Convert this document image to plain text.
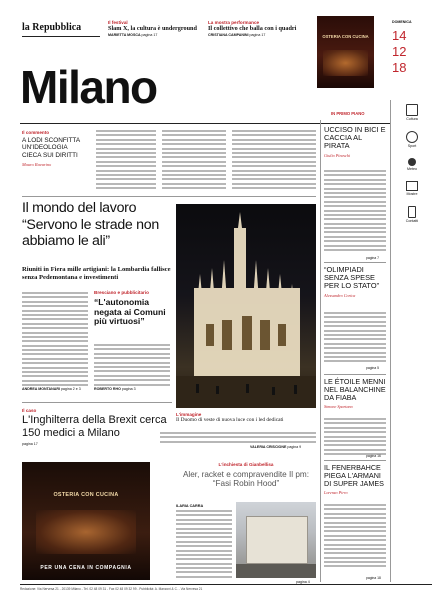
la Repubblica	Il festival
Slam X, la cultura è underground
MARIETTA MOSCA pagina 17
La mostra performance
Il collettivo che balla con i quadri
CRISTIANA CAMPANINI pagina 17	OSTERIA CON CUCINA
DOMENICA
14
12
18
Milano
IN PRIMO PIANO
Il commento
A LODI SCONFITTA UN'IDEOLOGIA CIECA SUI DIRITTI
Mauro Ravarino
Il mondo del lavoro “Servono le strade non abbiamo le ali”
Riuniti in Fiera mille artigiani: la Lombardia fallisce senza Pedemontana e investimenti
ANDREA MONTANARI pagina 2 e 3
Bresciano e pubblicitario
“L'autonomia negata ai Comuni più virtuosi”
ROBERTO RHO pagina 3
L'immagine
Il Duomo di veste di nuova luce con i led dedicati
VALERIA CRISCIONE pagina 9
Il caso
L'Inghilterra della Brexit cerca 150 medici a Milano
pagina 17
OSTERIA CON CUCINA
PER UNA CENA IN COMPAGNIA
L'inchiesta di Gianbellisa
Aler, racket e compravendite Il pm: “Fasi Robin Hood”
ILARIA CARRA
pagina 4
UCCISO IN BICI E CACCIA AL PIRATA
Giulio Pineschi
pagina 7
“OLIMPIADI SENZA SPESE PER LO STATO”
Alessandro Corica
pagina 5
LE ÉTOILE MENNI NEL BALANCHINE DA FIABA
Simone Spartano
pagina 16
IL FENERBAHCE PIEGA L'ARMANI DI SUPER JAMES
Lorenzo Pirro
pagina 18
Cultura
Sport
Meteo
Mostre
Contatti
Redazione: Via Nervesa 21 - 20139 Milano - Tel. 02 48 09 31 - Fax 02 48 09 32 99 - Pubblicità: A. Manzoni & C. - Via Nervesa 21
